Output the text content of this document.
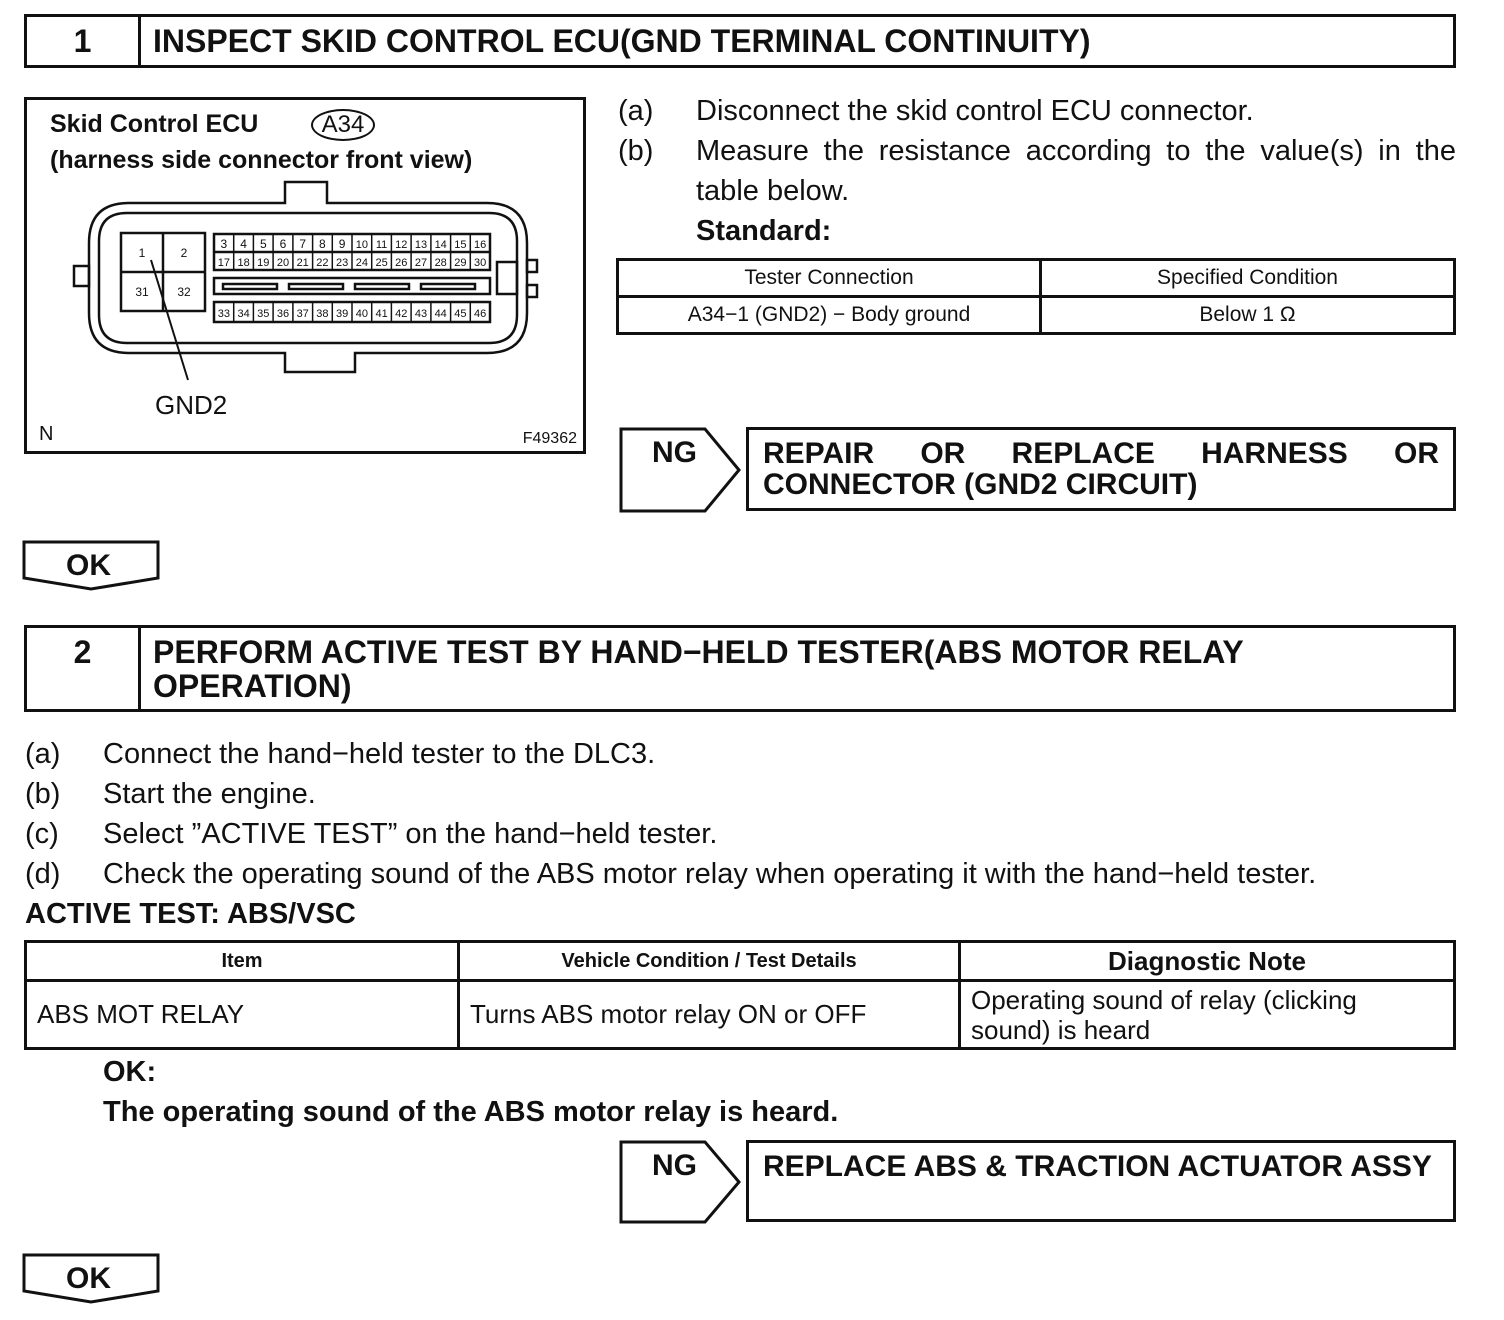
1	INSPECT SKID CONTROL ECU(GND TERMINAL CONTINUITY)
Skid Control ECU	A34
(harness side connector front view)
1	2
31 32
3 4 5 6 7 8 9 10 11 12 13 14 15 16
17 18 19 20 21 22 23 24 25 26 27 28 29 30
33 34 35 36 37 38 39 40 41 42 43 44 45 46
GND2
N	F49362
(a) Disconnect the skid control ECU connector.
(b) Measure the resistance according to the value(s) in the
table below.
Standard:
Tester Connection	Specified Condition
A34−1 (GND2) − Body ground	Below 1 Ω
NG REPAIR OR REPLACE HARNESS OR
CONNECTOR (GND2 CIRCUIT)
OK
2	PERFORM ACTIVE TEST BY HAND−HELD TESTER(ABS MOTOR RELAY
OPERATION)
(a) Connect the hand−held tester to the DLC3.
(b) Start the engine.
(c) Select ”ACTIVE TEST” on the hand−held tester.
(d) Check the operating sound of the ABS motor relay when operating it with the hand−held tester.
ACTIVE TEST: ABS/VSC
Item	Vehicle Condition / Test Details	Diagnostic Note
ABS MOT RELAY	Turns ABS motor relay ON or OFF	Operating sound of relay (clicking sound) is heard
OK:
The operating sound of the ABS motor relay is heard.
NG	REPLACE ABS & TRACTION ACTUATOR ASSY
OK
